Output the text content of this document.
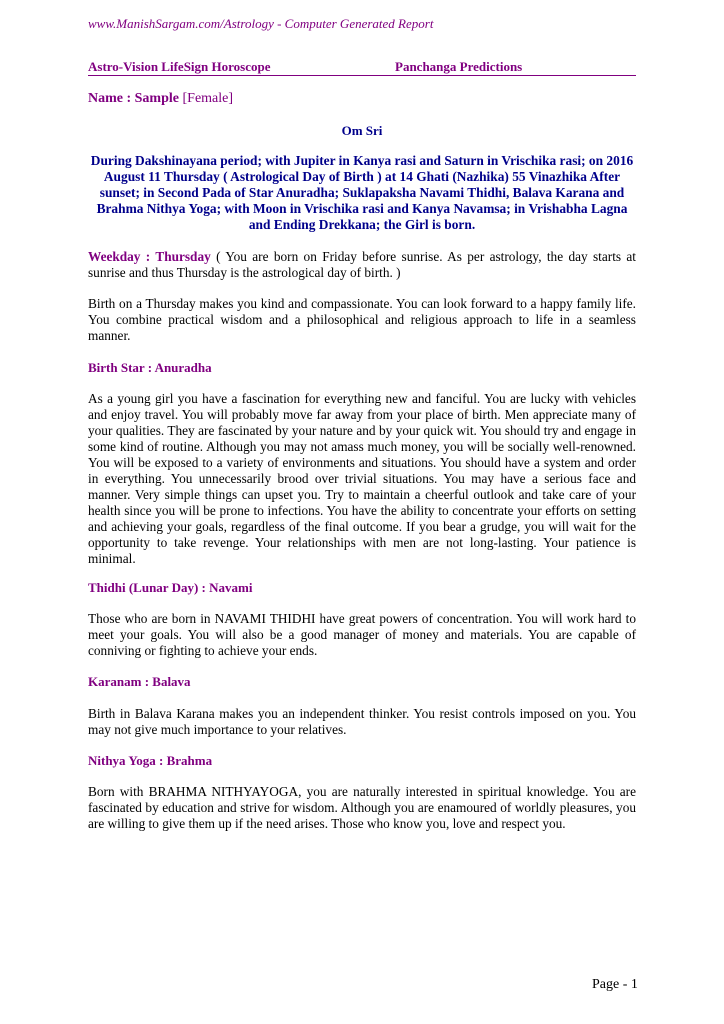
www.ManishSargam.com/Astrology - Computer Generated Report
Astro-Vision LifeSign Horoscope	Panchanga Predictions
Name : Sample [Female]
Om Sri
During Dakshinayana period; with Jupiter in Kanya rasi and Saturn in Vrischika rasi; on 2016 August 11 Thursday ( Astrological Day of Birth ) at 14 Ghati (Nazhika) 55 Vinazhika After sunset; in Second Pada of Star Anuradha; Suklapaksha Navami Thidhi, Balava Karana and Brahma Nithya Yoga; with Moon in Vrischika rasi and Kanya Navamsa; in Vrishabha Lagna and Ending Drekkana; the Girl is born.
Weekday : Thursday ( You are born on Friday before sunrise. As per astrology, the day starts at sunrise and thus Thursday is the astrological day of birth. )
Birth on a Thursday makes you kind and compassionate. You can look forward to a happy family life. You combine practical wisdom and a philosophical and religious approach to life in a seamless manner.
Birth Star : Anuradha
As a young girl you have a fascination for everything new and fanciful. You are lucky with vehicles and enjoy travel. You will probably move far away from your place of birth. Men appreciate many of your qualities. They are fascinated by your nature and by your quick wit. You should try and engage in some kind of routine. Although you may not amass much money, you will be socially well-renowned. You will be exposed to a variety of environments and situations. You should have a system and order in everything. You unnecessarily brood over trivial situations. You may have a serious face and manner. Very simple things can upset you. Try to maintain a cheerful outlook and take care of your health since you will be prone to infections. You have the ability to concentrate your efforts on setting and achieving your goals, regardless of the final outcome. If you bear a grudge, you will wait for the opportunity to take revenge. Your relationships with men are not long-lasting. Your patience is minimal.
Thidhi (Lunar Day) : Navami
Those who are born in NAVAMI THIDHI have great powers of concentration. You will work hard to meet your goals. You will also be a good manager of money and materials. You are capable of conniving or fighting to achieve your ends.
Karanam : Balava
Birth in Balava Karana makes you an independent thinker. You resist controls imposed on you. You may not give much importance to your relatives.
Nithya Yoga : Brahma
Born with BRAHMA NITHYAYOGA, you are naturally interested in spiritual knowledge. You are fascinated by education and strive for wisdom. Although you are enamoured of worldly pleasures, you are willing to give them up if the need arises. Those who know you, love and respect you.
Page - 1
